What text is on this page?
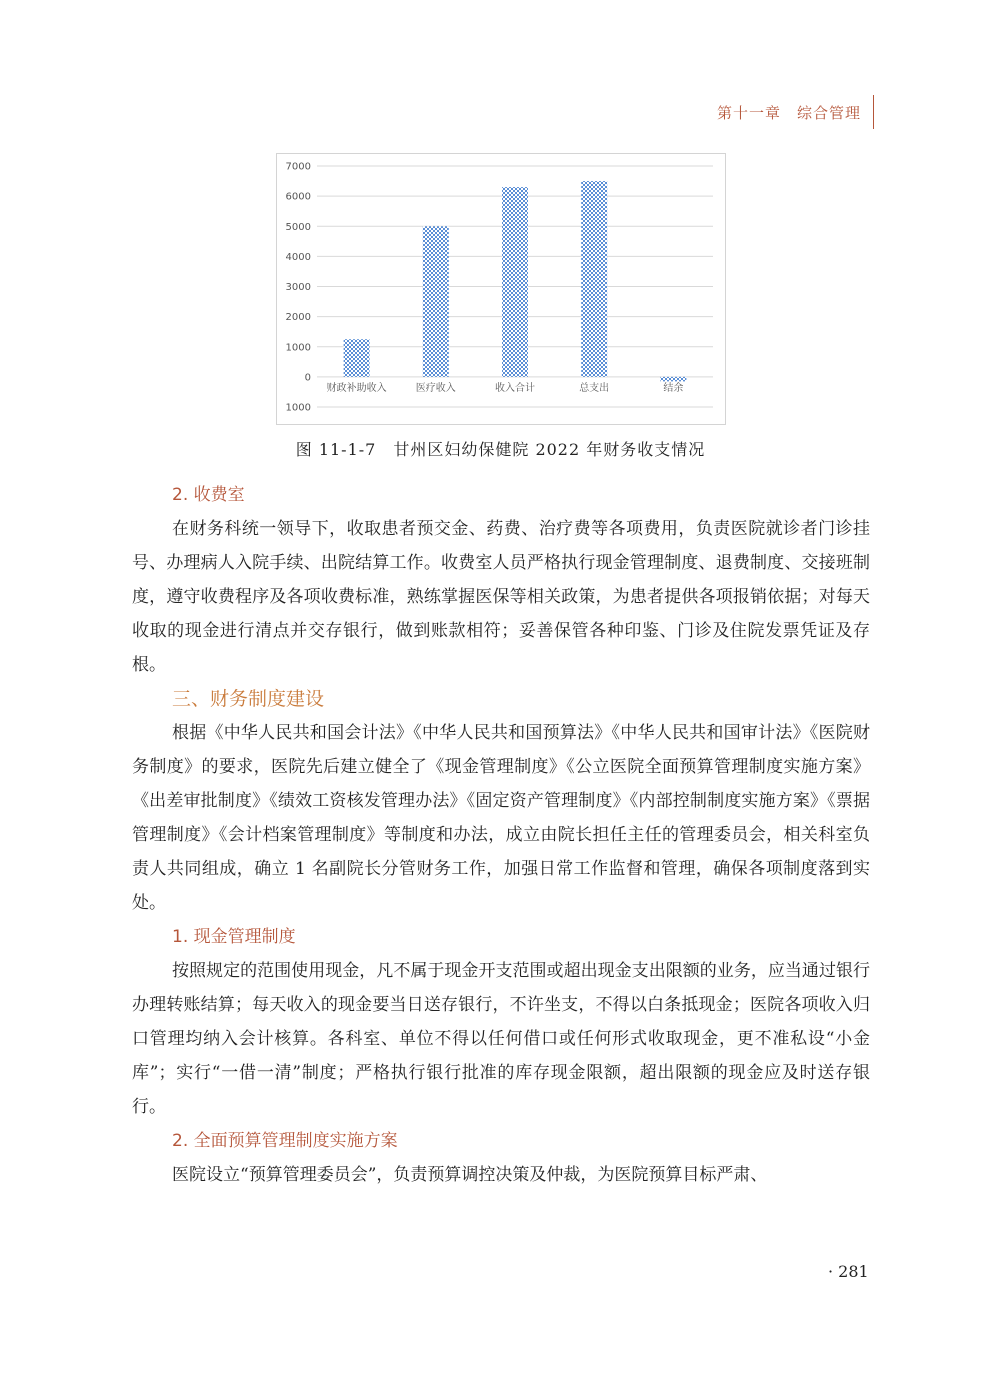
第十一章　综合管理
7000
6000
5000
4000
3000
2000
1000
0
1000
财政补助收入	医疗收入	收入合计	总支出	结余
图 11-1-7　甘州区妇幼保健院 2022 年财务收支情况
2. 收费室

在财务科统一领导下，收取患者预交金、药费、治疗费等各项费用，负责医院就诊者门诊挂号、办理病人入院手续、出院结算工作。收费室人员严格执行现金管理制度、退费制度、交接班制度，遵守收费程序及各项收费标准，熟练掌握医保等相关政策，为患者提供各项报销依据；对每天收取的现金进行清点并交存银行，做到账款相符；妥善保管各种印鉴、门诊及住院发票凭证及存根。

三、财务制度建设

根据《中华人民共和国会计法》《中华人民共和国预算法》《中华人民共和国审计法》《医院财务制度》的要求，医院先后建立健全了《现金管理制度》《公立医院全面预算管理制度实施方案》《出差审批制度》《绩效工资核发管理办法》《固定资产管理制度》《内部控制制度实施方案》《票据管理制度》《会计档案管理制度》等制度和办法，成立由院长担任主任的管理委员会，相关科室负责人共同组成，确立 1 名副院长分管财务工作，加强日常工作监督和管理，确保各项制度落到实处。

1. 现金管理制度

按照规定的范围使用现金，凡不属于现金开支范围或超出现金支出限额的业务，应当通过银行办理转账结算；每天收入的现金要当日送存银行，不许坐支，不得以白条抵现金；医院各项收入归口管理均纳入会计核算。各科室、单位不得以任何借口或任何形式收取现金，更不准私设“小金库”；实行“一借一清”制度；严格执行银行批准的库存现金限额，超出限额的现金应及时送存银行。

2. 全面预算管理制度实施方案

医院设立“预算管理委员会”，负责预算调控决策及仲裁，为医院预算目标严肃、

· 281
